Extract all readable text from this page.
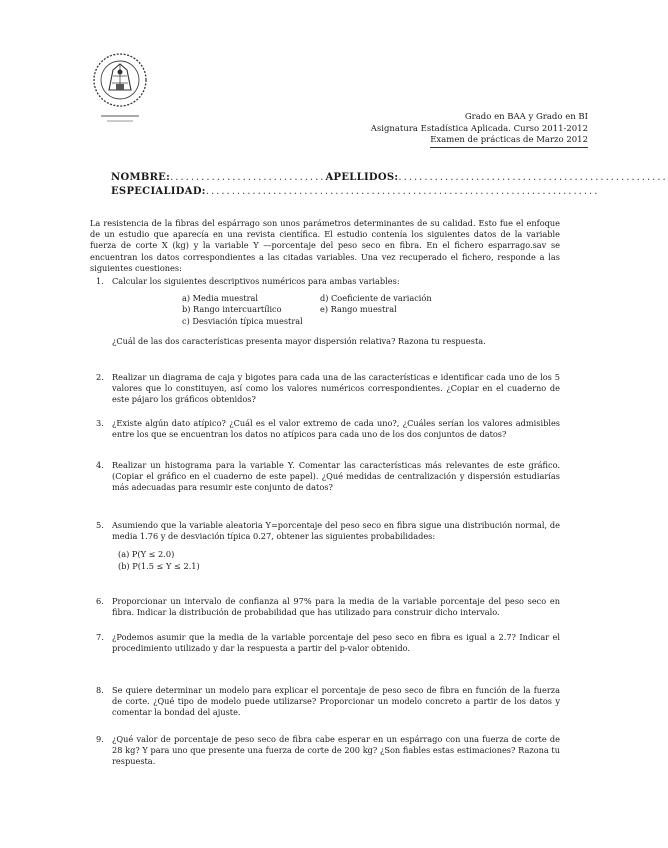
Grado en BAA y Grado en BI
Asignatura Estadística Aplicada. Curso 2011-2012
Examen de prácticas de Marzo 2012
NOMBRE:..............................APELLIDOS:....................................................
ESPECIALIDAD:............................................................................
La resistencia de la fibras del espárrago son unos parámetros determinantes de su calidad. Esto fue el enfoque de un estudio que aparecía en una revista científica. El estudio contenía los siguientes datos de la variable fuerza de corte X (kg) y la variable Y —porcentaje del peso seco en fibra. En el fichero esparrago.sav se encuentran los datos correspondientes a las citadas variables. Una vez recuperado el fichero, responde a las siguientes cuestiones:
1. Calcular los siguientes descriptivos numéricos para ambas variables:
a) Media muestral	d) Coeficiente de variación
b) Rango intercuartílico	e) Rango muestral
c) Desviación típica muestral
¿Cuál de las dos características presenta mayor dispersión relativa? Razona tu respuesta.
2. Realizar un diagrama de caja y bigotes para cada una de las características e identificar cada uno de los 5 valores que lo constituyen, así como los valores numéricos correspondientes. ¿Copiar en el cuaderno de este pájaro los gráficos obtenidos?
3. ¿Existe algún dato atípico? ¿Cuál es el valor extremo de cada uno?, ¿Cuáles serían los valores admisibles entre los que se encuentran los datos no atípicos para cada uno de los dos conjuntos de datos?
4. Realizar un histograma para la variable Y. Comentar las características más relevantes de este gráfico. (Copiar el gráfico en el cuaderno de este papel). ¿Qué medidas de centralización y dispersión estudiarías más adecuadas para resumir este conjunto de datos?
5. Asumiendo que la variable aleatoria Y=porcentaje del peso seco en fibra sigue una distribución normal, de media 1.76 y de desviación típica 0.27, obtener las siguientes probabilidades:
(a) P(Y ≤ 2.0)
(b) P(1.5 ≤ Y ≤ 2.1)
6. Proporcionar un intervalo de confianza al 97% para la media de la variable porcentaje del peso seco en fibra. Indicar la distribución de probabilidad que has utilizado para construir dicho intervalo.
7. ¿Podemos asumir que la media de la variable porcentaje del peso seco en fibra es igual a 2.7? Indicar el procedimiento utilizado y dar la respuesta a partir del p-valor obtenido.
8. Se quiere determinar un modelo para explicar el porcentaje de peso seco de fibra en función de la fuerza de corte. ¿Qué tipo de modelo puede utilizarse? Proporcionar un modelo concreto a partir de los datos y comentar la bondad del ajuste.
9. ¿Qué valor de porcentaje de peso seco de fibra cabe esperar en un espárrago con una fuerza de corte de 28 kg? Y para uno que presente una fuerza de corte de 200 kg? ¿Son fiables estas estimaciones? Razona tu respuesta.
